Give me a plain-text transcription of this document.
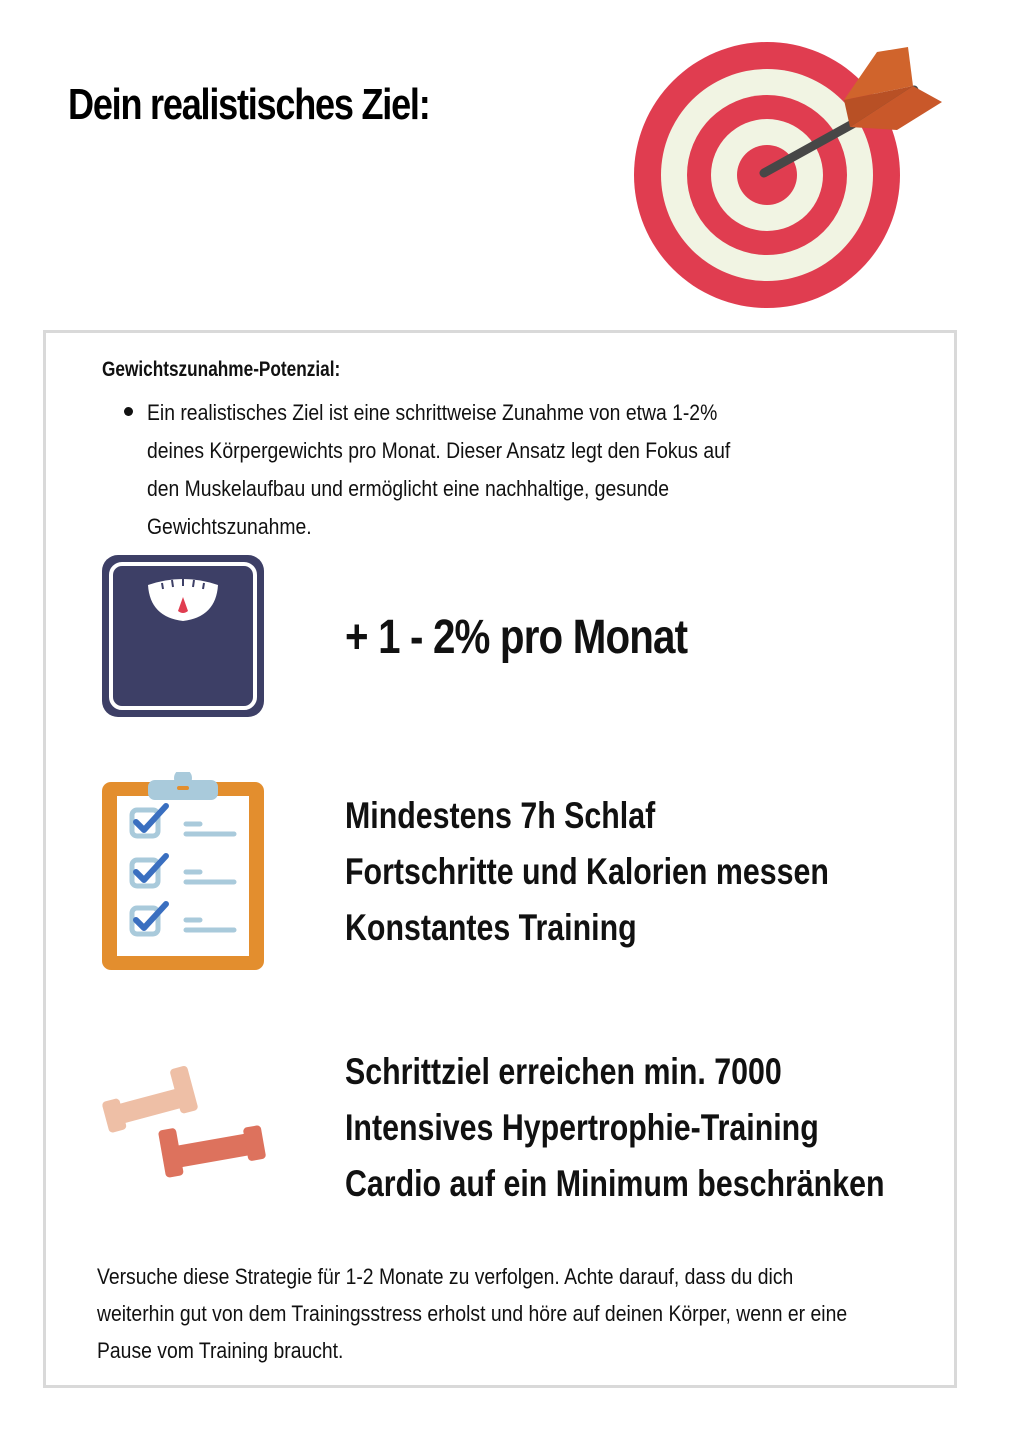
Dein realistisches Ziel:

Gewichtszunahme-Potenzial:

Ein realistisches Ziel ist eine schrittweise Zunahme von etwa 1-2% deines Körpergewichts pro Monat. Dieser Ansatz legt den Fokus auf den Muskelaufbau und ermöglicht eine nachhaltige, gesunde Gewichtszunahme.

+ 1 - 2% pro Monat
Mindestens 7h Schlaf
Fortschritte und Kalorien messen
Konstantes Training
Schrittziel erreichen min. 7000
Intensives Hypertrophie-Training
Cardio auf ein Minimum beschränken

Versuche diese Strategie für 1-2 Monate zu verfolgen. Achte darauf, dass du dich weiterhin gut von dem Trainingsstress erholst und höre auf deinen Körper, wenn er eine Pause vom Training braucht.
